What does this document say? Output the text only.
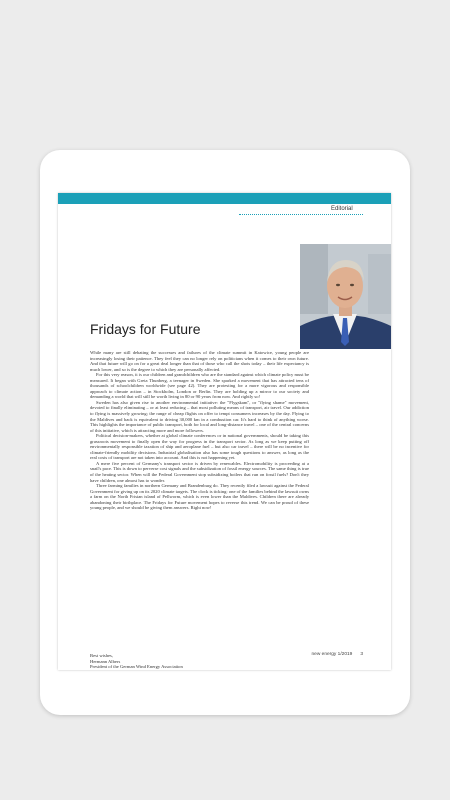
Editorial
Fridays for Future

While many are still debating the successes and failures of the climate summit in Katowice, young people are increasingly losing their patience. They feel they can no longer rely on politicians when it comes to their own future. And that future will go on for a great deal longer than that of those who call the shots today – their life expectancy is much lower, and so is the degree to which they are personally affected.

For this very reason, it is our children and grandchildren who are the standard against which climate policy must be measured. It began with Greta Thunberg, a teenager in Sweden. She sparked a movement that has attracted tens of thousands of schoolchildren worldwide (see page 42). They are protesting for a more vigorous and responsible approach to climate action – in Stockholm, London or Berlin. They are holding up a mirror to our society and demanding a world that will still be worth living in 80 or 90 years from now. And rightly so!

Sweden has also given rise to another environmental initiative: the "Flygskam", or "flying shame" movement, devoted to finally eliminating – or at least reducing – that most polluting means of transport, air travel. Our addiction to flying is massively growing; the range of cheap flights on offer to tempt consumers increases by the day. Flying to the Maldives and back is equivalent to driving 30,000 km in a combustion car. It's hard to think of anything worse. This highlights the importance of public transport, both for local and long-distance travel – one of the central concerns of this initiative, which is attracting more and more followers.

Political decision-makers, whether at global climate conferences or in national governments, should be taking this grassroots movement to finally open the way for progress in the transport sector. As long as we keep putting off environmentally responsible taxation of ship and aeroplane fuel – but also car travel – there will be no incentive for climate-friendly mobility decisions. Industrial globalisation also has some tough questions to answer, as long as the real costs of transport are not taken into account. And this is not happening yet.

A mere five percent of Germany's transport sector is driven by renewables. Electromobility is proceeding at a snail's pace. This is down to perverse cost signals and the subsidization of fossil energy sources. The same thing is true of the heating sector. When will the Federal Government stop subsidizing boilers that run on fossil fuels? Don't they have children, one almost has to wonder.

Three farming families in northern Germany and Brandenburg do. They recently filed a lawsuit against the Federal Government for giving up on its 2020 climate targets. The clock is ticking: one of the families behind the lawsuit owns a farm on the North Frisian island of Pellworm, which is even lower than the Maldives. Children there are already abandoning their birthplace. The Fridays for Future movement hopes to reverse this trend. We can be proud of these young people, and we should be giving them answers. Right now!

Best wishes,
Hermann Albers
President of the German Wind Energy Association
new energy 1/2019 3
